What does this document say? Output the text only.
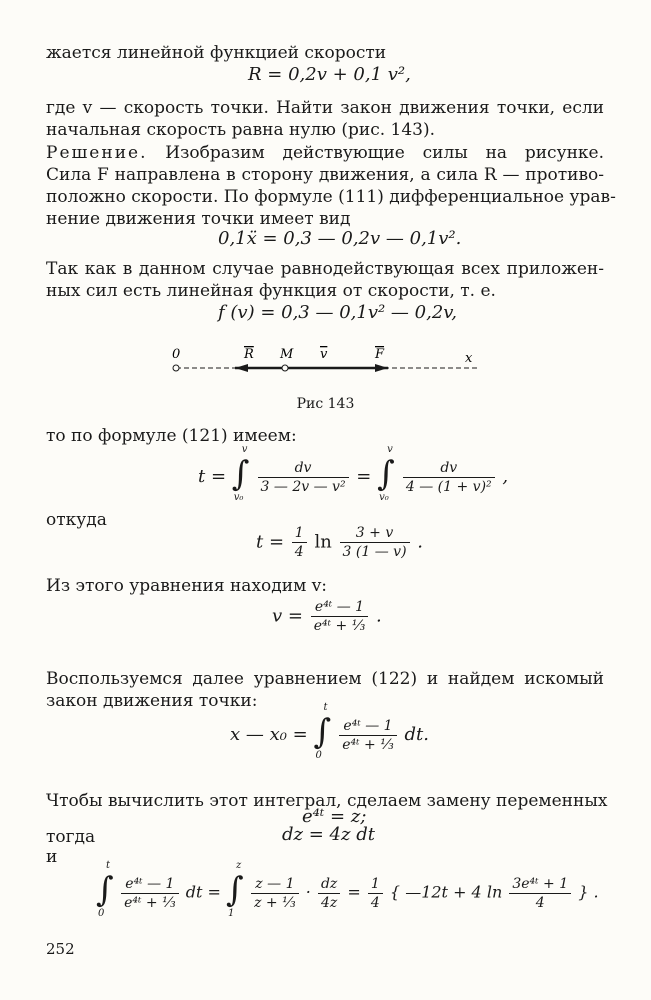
жается линейной функцией скорости
R = 0,2v + 0,1 v²,
где v — скорость точки. Найти закон движения точки, если
начальная скорость равна нулю (рис. 143).
Решение. Изобразим действующие силы на рисунке.
Сила F направлена в сторону движения, а сила R — противо-
положно скорости. По формуле (111) дифференциальное урав-
нение движения точки имеет вид
0,1ẍ = 0,3 — 0,2v — 0,1v².
Так как в данном случае равнодействующая всех приложен-
ных сил есть линейная функция от скорости, т. е.
f (v) = 0,3 — 0,1v² — 0,2v,
0	R M v	F	x
Рис 143
то по формуле (121) имеем:
t = ∫
v
v₀

$\frac{dv}{\text{3 — 2v — v²}}$ = ∫
v
v₀

$\frac{dv}{\text{4 — (1 + v)²}}$ ,
откуда
$t = \frac{1}{4}$ $\ln \frac{3 + v}{3 (1 — v)}$ .
Из этого уравнения находим v:
$v = \frac{\text{e⁴ᵗ — 1}}{\text{e⁴ᵗ + ⅓}}$ .
Воспользуемся далее уравнением (122) и найдем искомый
закон движения точки:
x — x₀ = ∫
t
0

$\frac{\text{e⁴ᵗ — 1}}{\text{e⁴ᵗ + ⅓}}$ dt.
Чтобы вычислить этот интеграл, сделаем замену переменных
e⁴ᵗ = z;
тогда	dz = 4z dt
и
∫
t
0

$\frac{\text{e⁴ᵗ — 1}}{\text{e⁴ᵗ + ⅓}}$ dt = ∫
z
1

$\frac{z — 1}{\text{z + ⅓}} \cdot \frac{dz}{4z} = \frac{1}{4}$ { —12t + 4 $\ln \frac{\text{3e⁴ᵗ + 1}}{4}$ } .
252
